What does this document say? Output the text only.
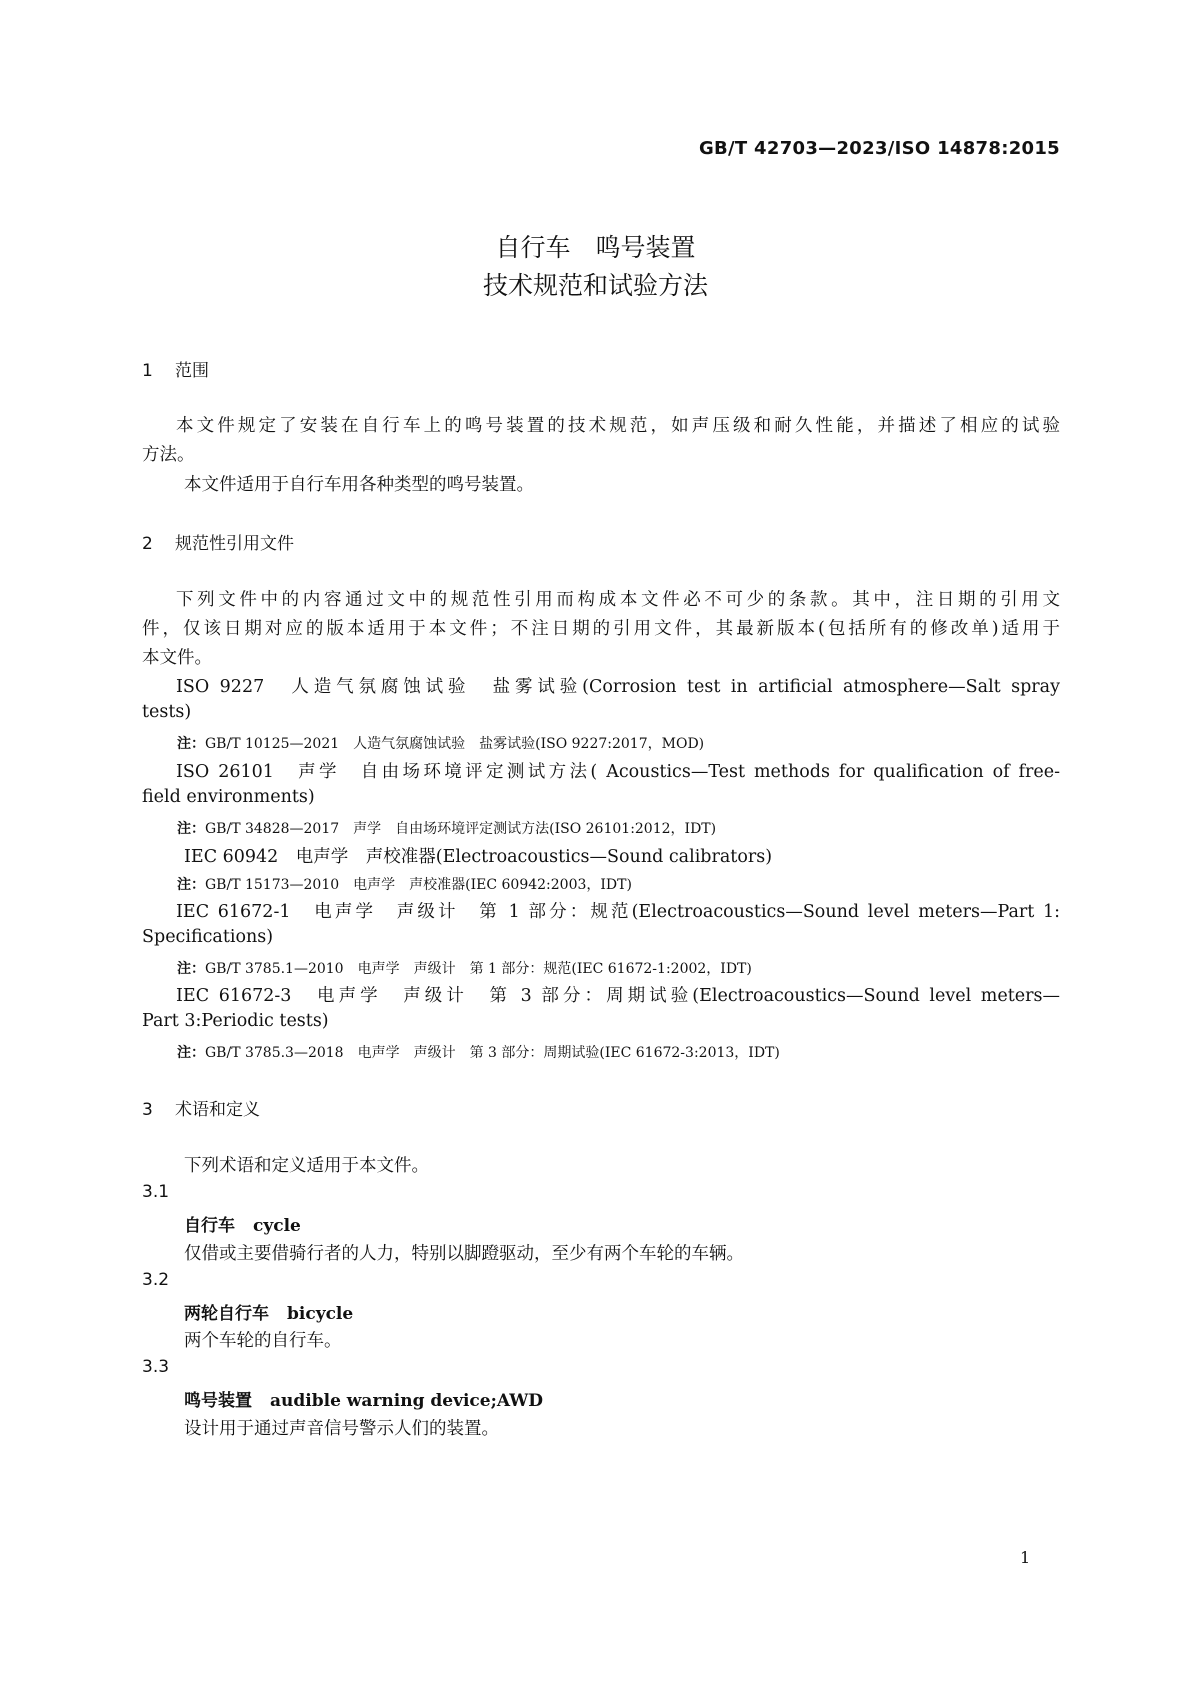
GB/T 42703—2023/ISO 14878:2015
自行车　鸣号装置
技术规范和试验方法
1 范围
本文件规定了安装在自行车上的鸣号装置的技术规范，如声压级和耐久性能，并描述了相应的试验
方法。
本文件适用于自行车用各种类型的鸣号装置。
2 规范性引用文件
下列文件中的内容通过文中的规范性引用而构成本文件必不可少的条款。其中，注日期的引用文
件，仅该日期对应的版本适用于本文件；不注日期的引用文件，其最新版本(包括所有的修改单)适用于
本文件。
ISO 9227　人造气氛腐蚀试验　盐雾试验(Corrosion test in artificial atmosphere—Salt spray
tests)
注：GB/T 10125—2021　人造气氛腐蚀试验　盐雾试验(ISO 9227:2017，MOD)
ISO 26101　声学　自由场环境评定测试方法( Acoustics—Test methods for qualification of free-
field environments)
注：GB/T 34828—2017　声学　自由场环境评定测试方法(ISO 26101:2012，IDT)
IEC 60942　电声学　声校准器(Electroacoustics—Sound calibrators)
注：GB/T 15173—2010　电声学　声校准器(IEC 60942:2003，IDT)
IEC 61672-1　电声学　声级计　第 1 部分：规范(Electroacoustics—Sound level meters—Part 1:
Specifications)
注：GB/T 3785.1—2010　电声学　声级计　第 1 部分：规范(IEC 61672-1:2002，IDT)
IEC 61672-3　电声学　声级计　第 3 部分：周期试验(Electroacoustics—Sound level meters—
Part 3:Periodic tests)
注：GB/T 3785.3—2018　电声学　声级计　第 3 部分：周期试验(IEC 61672-3:2013，IDT)
3 术语和定义
下列术语和定义适用于本文件。
3.1
自行车 cycle
仅借或主要借骑行者的人力，特别以脚蹬驱动，至少有两个车轮的车辆。
3.2
两轮自行车 bicycle
两个车轮的自行车。
3.3
鸣号装置 audible warning device;AWD
设计用于通过声音信号警示人们的装置。
1
